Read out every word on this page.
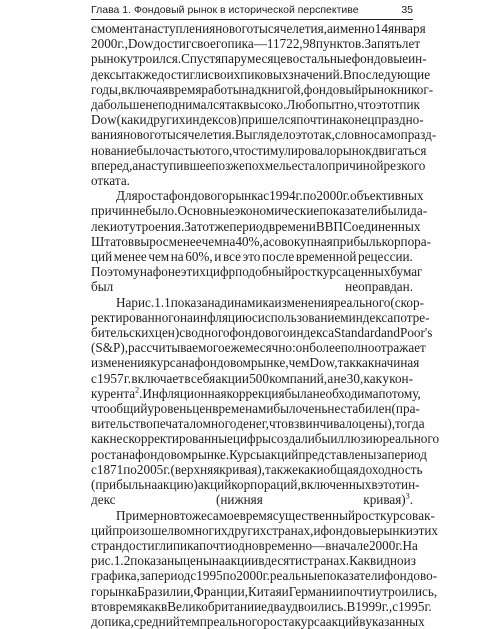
Глава 1. Фондовый рынок в исторической перспективе	35
с момента наступления нового тысячелетия, а именно 14 января
2000 г., Dow достиг своего пика — 11 722,98 пунктов. За пять лет
рынок утроился. Спустя пару месяцев остальные фондовые ин-
дексы также достигли своих пиковых значений. В последующие
годы, включая время работы над книгой, фондовый рынок никог-
да больше не поднимался так высоко. Любопытно, что этот пик
Dow (как и других индексов) пришелся почти на конец праздно-
вания нового тысячелетия. Выглядело это так, словно само празд-
нование было частью того, что стимулировало рынок двигаться
вперед, а наступившее позже похмелье стало причиной резкого
отката.
Для роста фондового рынка с 1994 г. по 2000 г. объективных
причин не было. Основные экономические показатели были да-
леки от утроения. За тот же период времени ВВП Соединенных
Штатов вырос менее чем на 40%, а совокупная прибыль корпора-
ций менее чем на 60%, и все это после временной рецессии.
Поэтому на фоне этих цифр подобный рост курса ценных бумаг
был	неоправдан.
На рис. 1.1 показана динамика изменения реального (скор-
ректированного на инфляцию с использованием индекса потре-
бительских цен) сводного фондового индекса Standard and Poor's
(S&P), рассчитываемого ежемесячно: он более полно отражает
изменения курса на фондовом рынке, чем Dow, так как начиная
с 1957 г. включает в себя акции 500 компаний, а не 30, как у кон-
курента$^2$. Инфляционная коррекция была необходима потому,
что общий уровень цен временами был очень нестабилен (пра-
вительство печатало много денег, что взвинчивало цены), тогда
как нескорректированные цифры создали бы иллюзию реального
роста на фондовом рынке. Курсы акций представлены за период
с 1871 по 2005 г. (верхняя кривая), так же как и общая доходность
(прибыль на акцию) акций корпораций, включенных в этот ин-
декс	(нижняя	кривая)$^3$.
Примерно в то же самое время существенный рост курсов ак-
ций произошел во многих других странах, и фондовые рынки этих
стран достигли пика почти одновременно — в начале 2000 г. На
рис. 1.2 показаны цены на акции в десяти странах. Как видно из
графика, за период с 1995 по 2000 г. реальные показатели фондово-
го рынка Бразилии, Франции, Китая и Германии почти утроились,
в то время как в Великобритании едва удвоились. В 1999 г., с 1995 г.
до пика, средний темп реального роста курса акций в указанных
